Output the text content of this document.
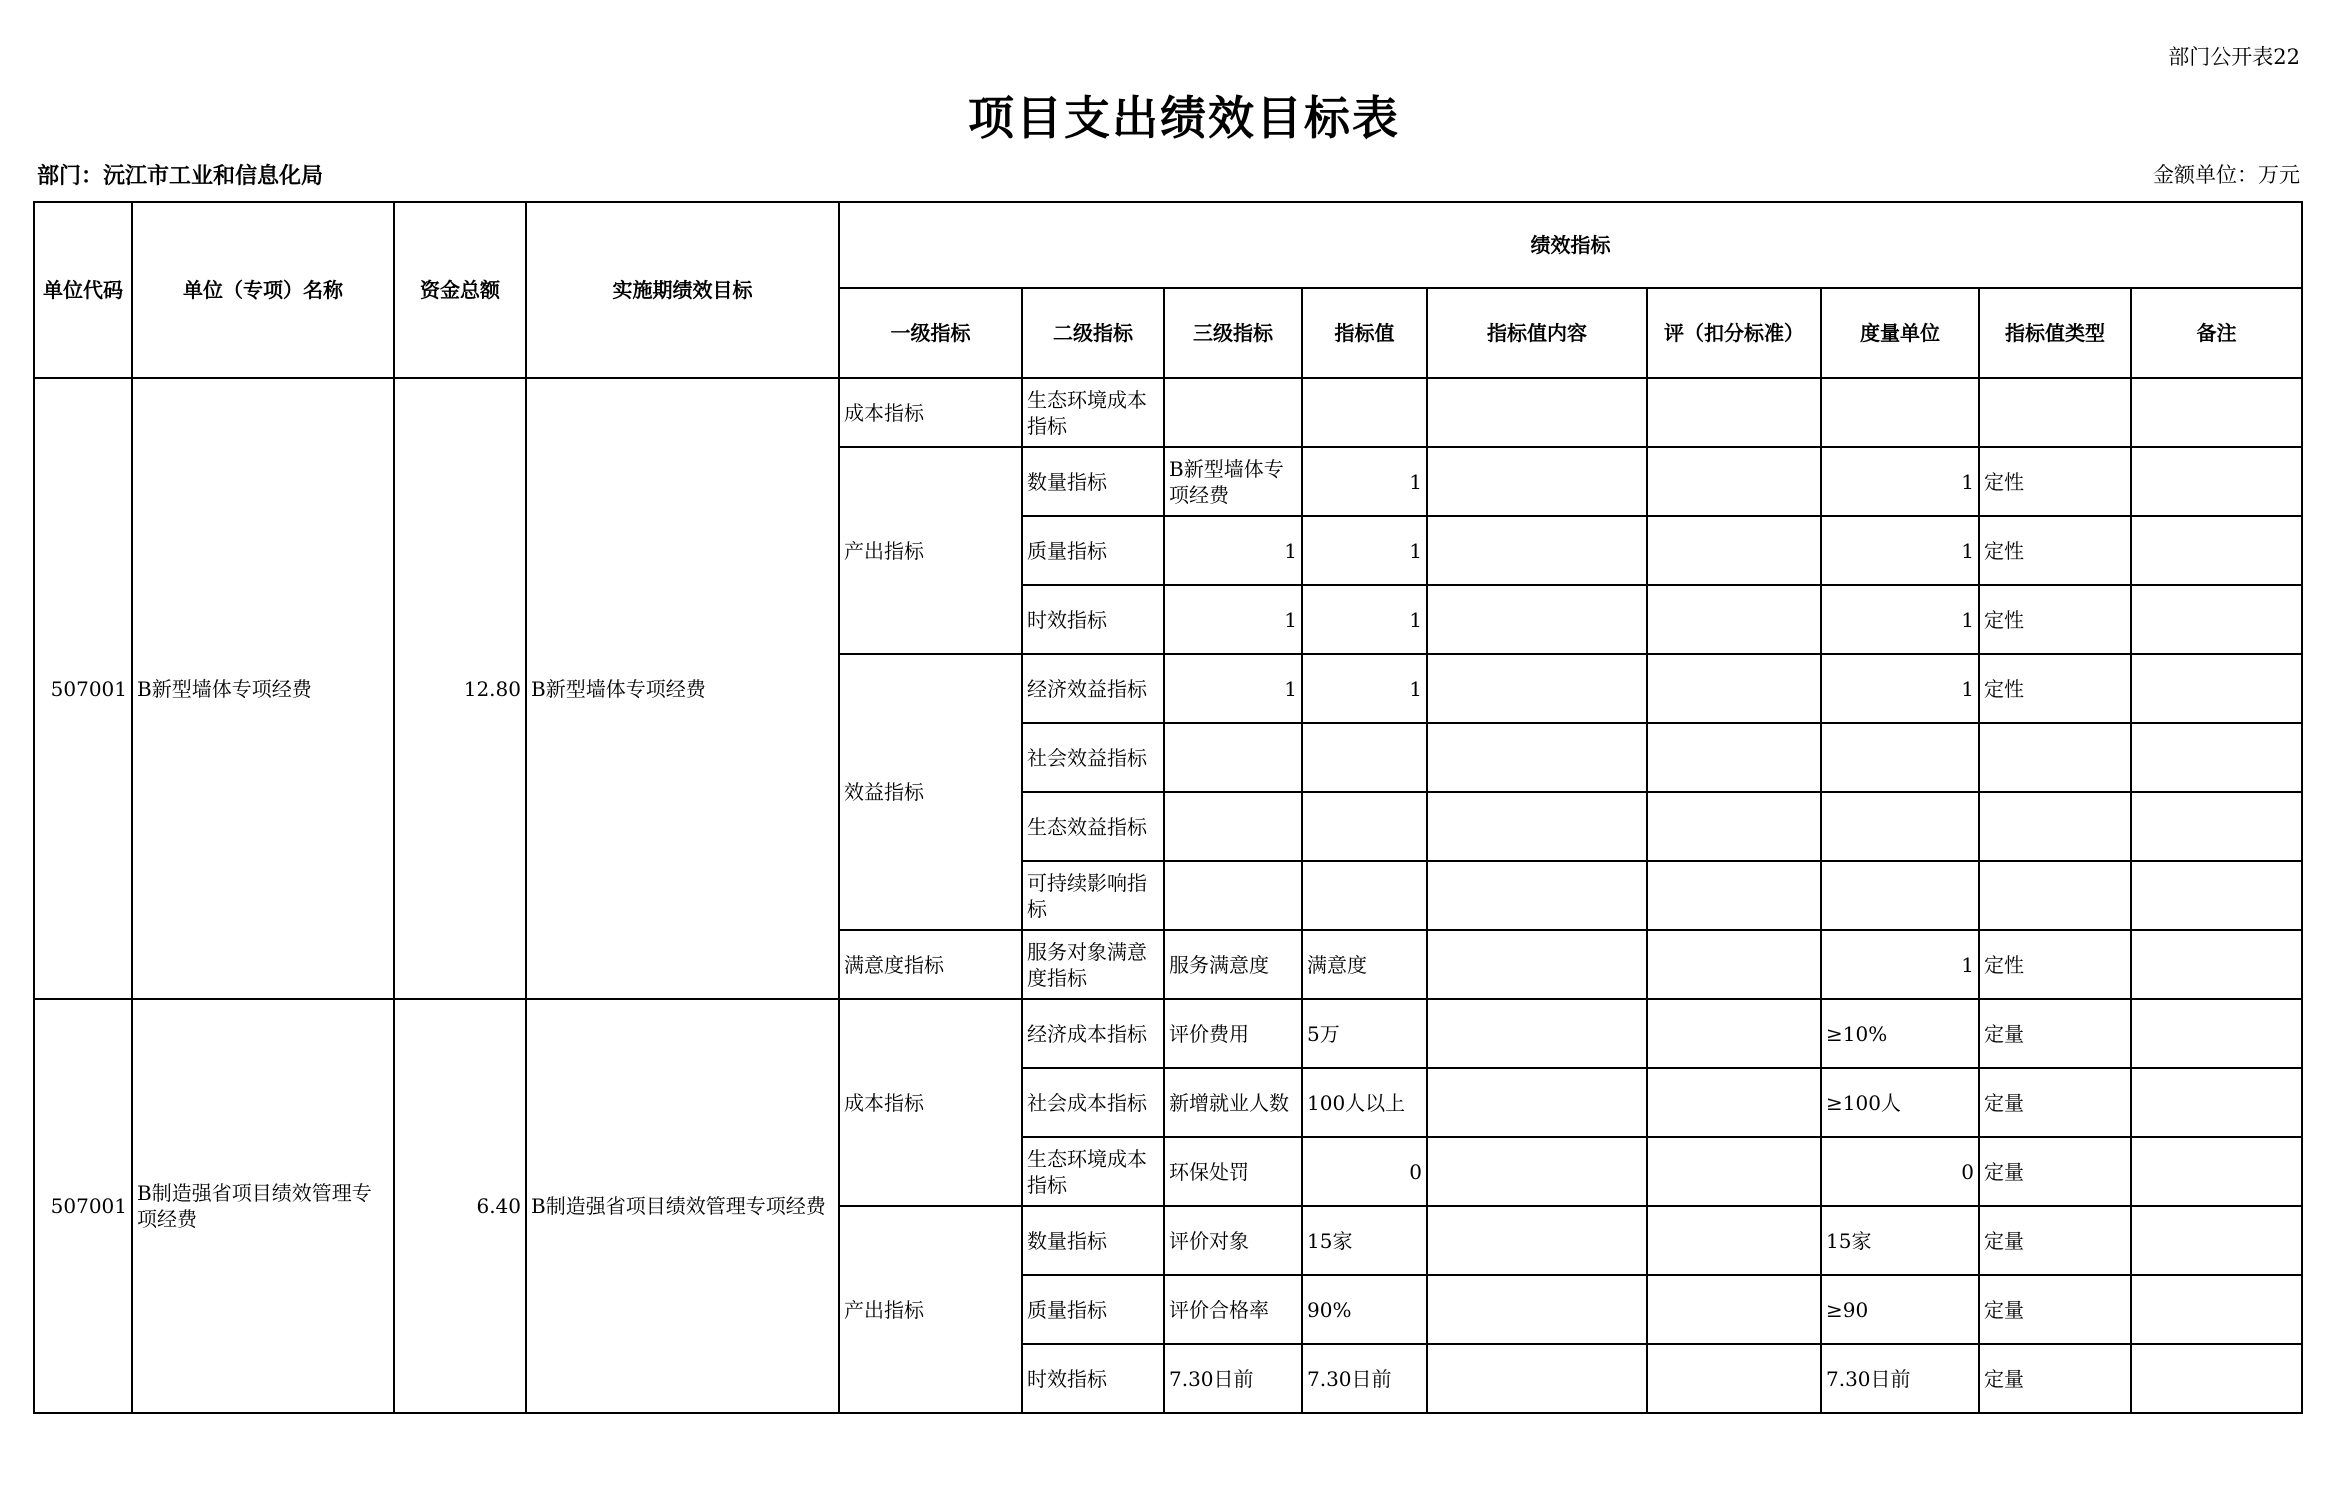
部门公开表22
项目支出绩效目标表
部门：沅江市工业和信息化局	金额单位：万元
单位代码	单位（专项）名称	资金总额	实施期绩效目标	绩效指标								
				一级指标	二级指标	三级指标	指标值	指标值内容	评（扣分标准）	度量单位	指标值类型	备注
507001	B新型墙体专项经费	12.80	B新型墙体专项经费	成本指标	生态环境成本指标							
				产出指标	数量指标	B新型墙体专项经费	1			1	定性	
					质量指标	1	1			1	定性	
					时效指标	1	1			1	定性	
				效益指标	经济效益指标	1	1			1	定性	
					社会效益指标							
					生态效益指标							
					可持续影响指标							
				满意度指标	服务对象满意度指标	服务满意度	满意度			1	定性	
507001	B制造强省项目绩效管理专项经费	6.40	B制造强省项目绩效管理专项经费	成本指标	经济成本指标	评价费用	5万			≥10%	定量	
					社会成本指标	新增就业人数	100人以上			≥100人	定量	
					生态环境成本指标	环保处罚	0			0	定量	
				产出指标	数量指标	评价对象	15家			15家	定量	
					质量指标	评价合格率	90%			≥90	定量	
					时效指标	7.30日前	7.30日前			7.30日前	定量	
